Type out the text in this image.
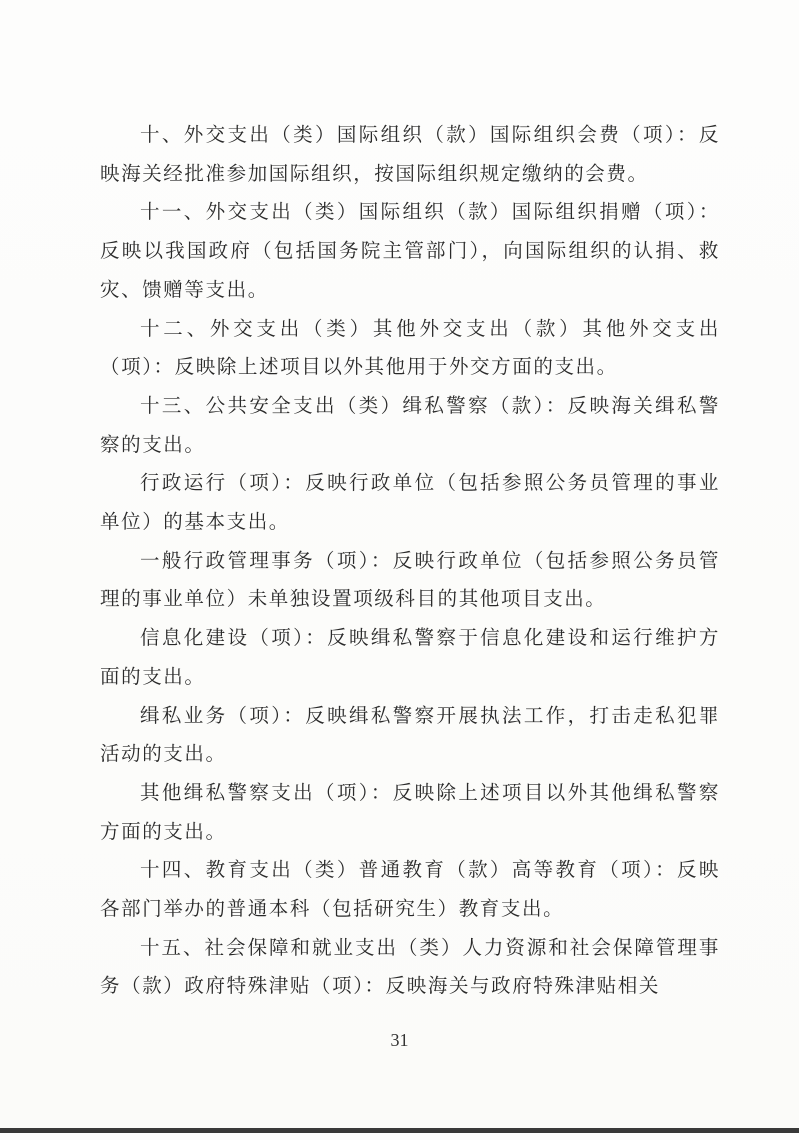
十、外交支出（类）国际组织（款）国际组织会费（项）：反映海关经批准参加国际组织，按国际组织规定缴纳的会费。

十一、外交支出（类）国际组织（款）国际组织捐赠（项）：反映以我国政府（包括国务院主管部门），向国际组织的认捐、救灾、馈赠等支出。

十二、外交支出（类）其他外交支出（款）其他外交支出（项）：反映除上述项目以外其他用于外交方面的支出。

十三、公共安全支出（类）缉私警察（款）：反映海关缉私警察的支出。

行政运行（项）：反映行政单位（包括参照公务员管理的事业单位）的基本支出。

一般行政管理事务（项）：反映行政单位（包括参照公务员管理的事业单位）未单独设置项级科目的其他项目支出。

信息化建设（项）：反映缉私警察于信息化建设和运行维护方面的支出。

缉私业务（项）：反映缉私警察开展执法工作，打击走私犯罪活动的支出。

其他缉私警察支出（项）：反映除上述项目以外其他缉私警察方面的支出。

十四、教育支出（类）普通教育（款）高等教育（项）：反映各部门举办的普通本科（包括研究生）教育支出。

十五、社会保障和就业支出（类）人力资源和社会保障管理事务（款）政府特殊津贴（项）：反映海关与政府特殊津贴相关

31
